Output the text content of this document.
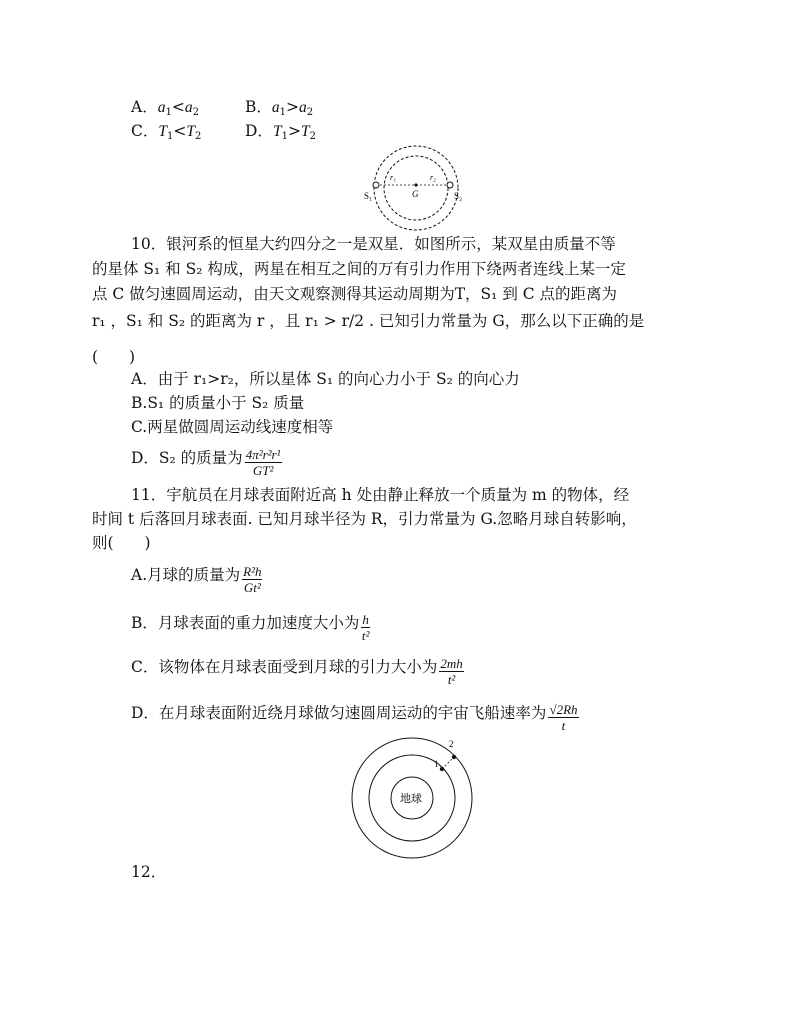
A．$a_1<a_2$	B．$a_1>a_2$
C．$T_1<T_2$	D．$T_1>T_2$
r₁	r₂
G
S₁	S₂
10．银河系的恒星大约四分之一是双星．如图所示，某双星由质量不等
的星体 S₁ 和 S₂ 构成，两星在相互之间的万有引力作用下绕两者连线上某一定
点 C 做匀速圆周运动，由天文观察测得其运动周期为T，S₁ 到 C 点的距离为
r₁ ，S₁ 和 S₂ 的距离为 r ，且 r₁ > r/2 . 已知引力常量为 G，那么以下正确的是
(　　)
A．由于 r₁>r₂，所以星体 S₁ 的向心力小于 S₂ 的向心力
B.S₁ 的质量小于 S₂ 质量
C.两星做圆周运动线速度相等
D．S₂ 的质量为 $\frac{\text{4π²r²r¹}}{\text{GT²}}$
11．宇航员在月球表面附近高 h 处由静止释放一个质量为 m 的物体，经
时间 t 后落回月球表面. 已知月球半径为 R，引力常量为 G.忽略月球自转影响，
则(　　)
A.月球的质量为 $\frac{\text{R²h}}{\text{Gt²}}$
B．月球表面的重力加速度大小为 $\frac{h}{\text{t²}}$
C．该物体在月球表面受到月球的引力大小为 $\frac{2mh}{\text{t²}}$
D．在月球表面附近绕月球做匀速圆周运动的宇宙飞船速率为 $\frac{√2Rh}{t}$
地球
1
2
12．
